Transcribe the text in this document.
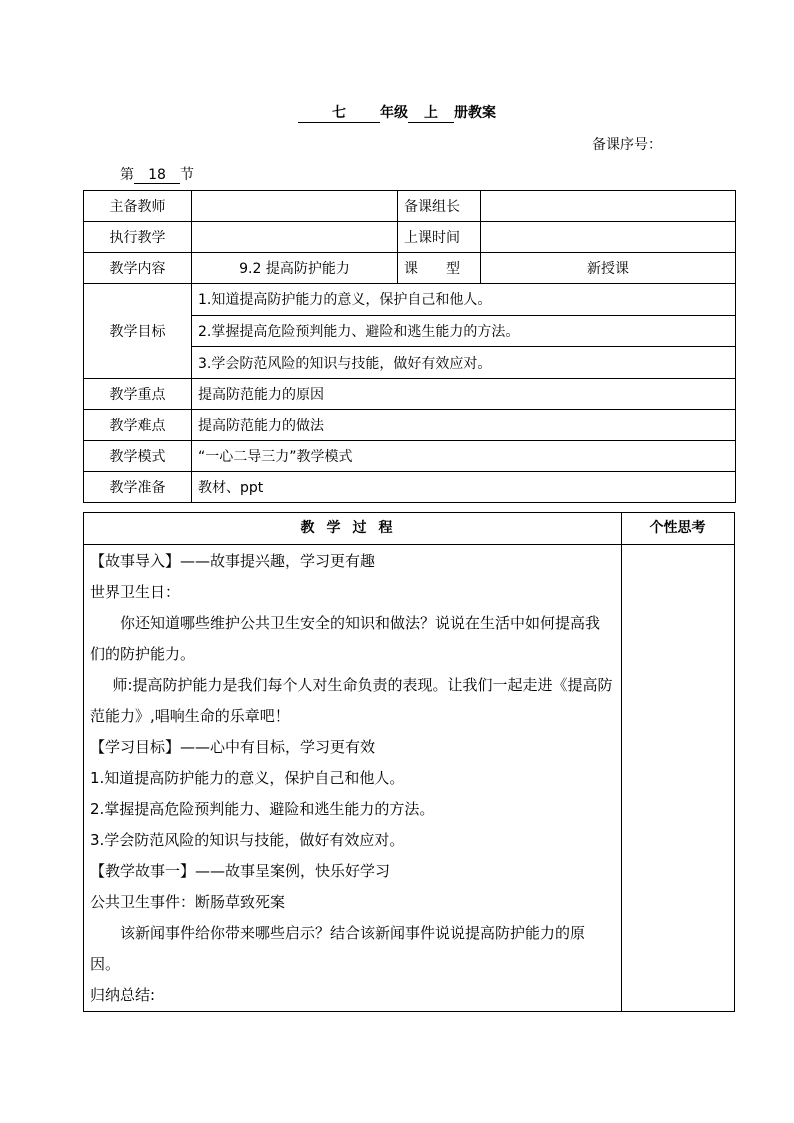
七 年级 上 册教案
备课序号：
第 18 节
主备教师		备课组长	
执行教学		上课时间	
教学内容	9.2 提高防护能力	课　　型	新授课
教学目标	1.知道提高防护能力的意义，保护自己和他人。		
	2.掌握提高危险预判能力、避险和逃生能力的方法。		
	3.学会防范风险的知识与技能，做好有效应对。		
教学重点	提高防范能力的原因		
教学难点	提高防范能力的做法		
教学模式	“一心二导三力”教学模式		
教学准备	教材、ppt		
教学过程	个性思考

【故事导入】——故事提兴趣，学习更有趣

世界卫生日：

你还知道哪些维护公共卫生安全的知识和做法？说说在生活中如何提高我们的防护能力。

师:提高防护能力是我们每个人对生命负责的表现。让我们一起走进《提高防范能力》,唱响生命的乐章吧！

【学习目标】——心中有目标，学习更有效

1.知道提高防护能力的意义，保护自己和他人。

2.掌握提高危险预判能力、避险和逃生能力的方法。

3.学会防范风险的知识与技能，做好有效应对。

【教学故事一】——故事呈案例，快乐好学习

公共卫生事件：断肠草致死案

该新闻事件给你带来哪些启示？结合该新闻事件说说提高防护能力的原因。

归纳总结:
